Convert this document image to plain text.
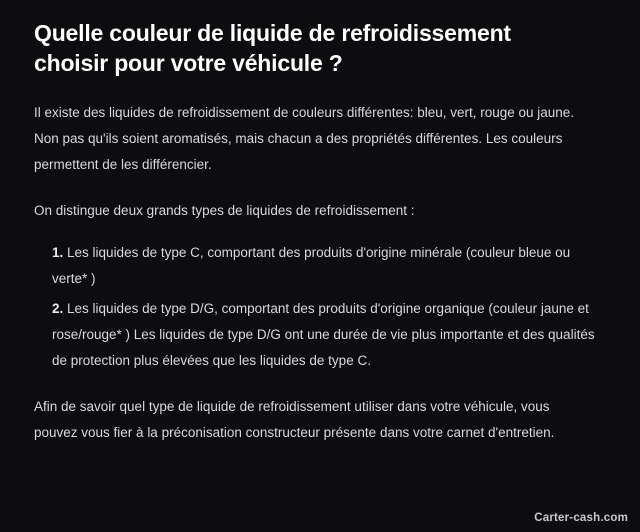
Quelle couleur de liquide de refroidissement choisir pour votre véhicule ?

Il existe des liquides de refroidissement de couleurs différentes: bleu, vert, rouge ou jaune. Non pas qu'ils soient aromatisés, mais chacun a des propriétés différentes. Les couleurs permettent de les différencier.

On distingue deux grands types de liquides de refroidissement :

1. Les liquides de type C, comportant des produits d'origine minérale (couleur bleue ou verte* )
2. Les liquides de type D/G, comportant des produits d'origine organique (couleur jaune et rose/rouge* ) Les liquides de type D/G ont une durée de vie plus importante et des qualités de protection plus élevées que les liquides de type C.

Afin de savoir quel type de liquide de refroidissement utiliser dans votre véhicule, vous pouvez vous fier à la préconisation constructeur présente dans votre carnet d'entretien.

Carter-cash.com
